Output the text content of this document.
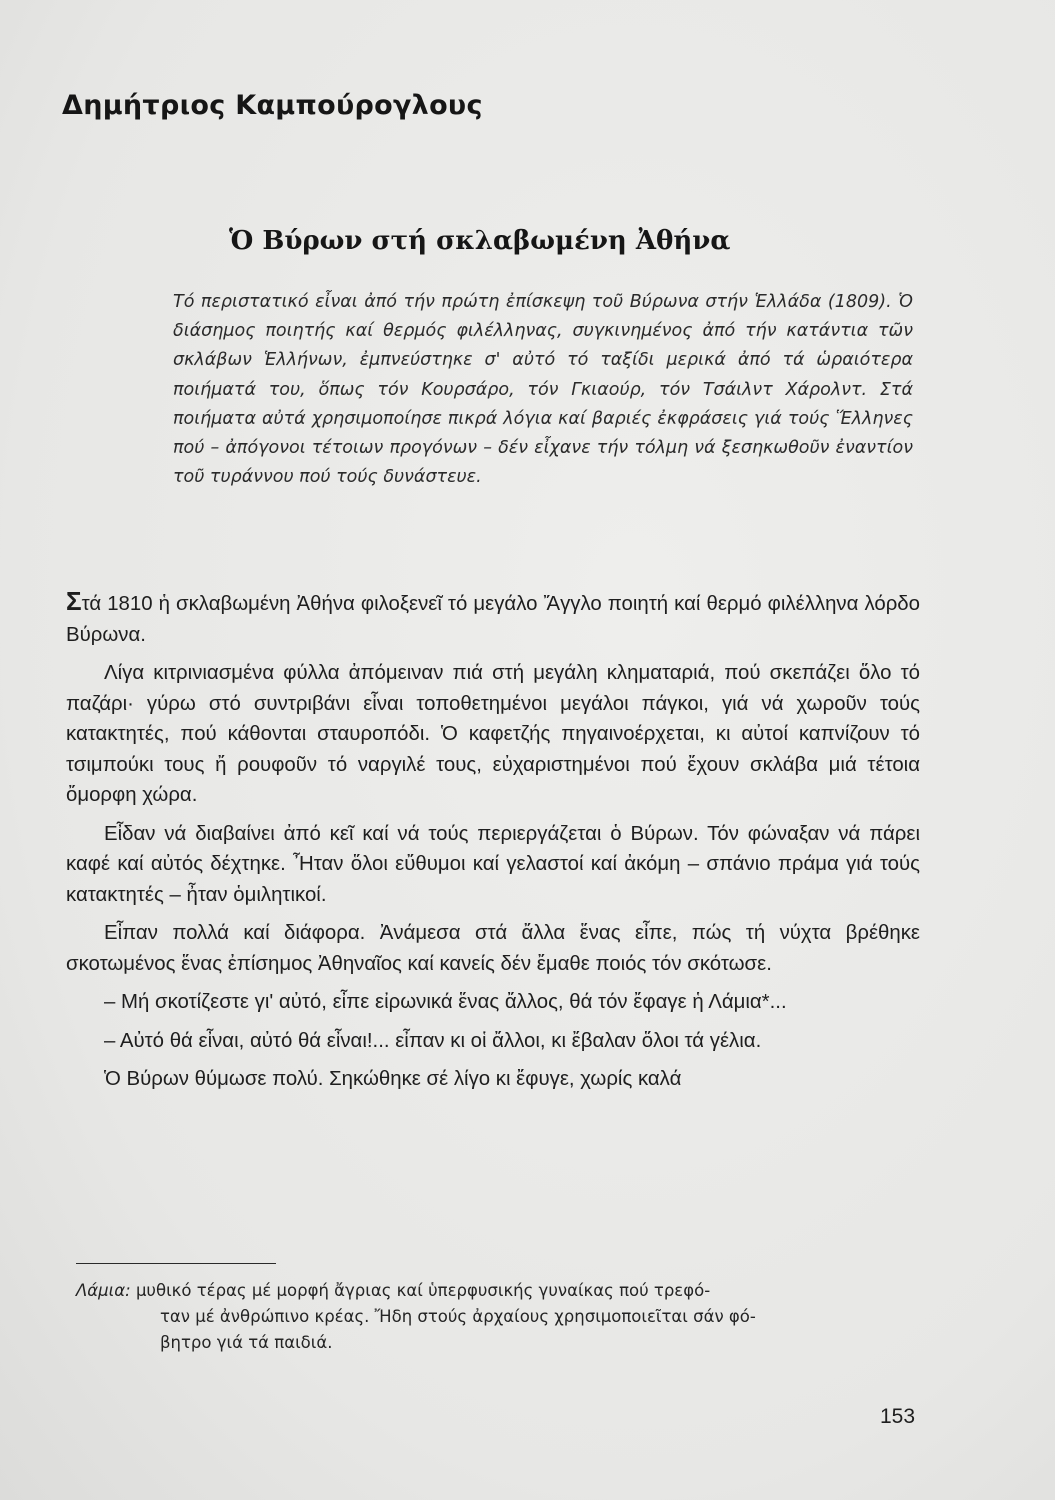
Δημήτριος Καμπούρογλους
Ὁ Βύρων στή σκλαβωμένη Ἀθήνα
Τό περιστατικό εἶναι ἀπό τήν πρώτη ἐπίσκεψη τοῦ Βύρωνα στήν Ἑλλάδα (1809). Ὁ διάσημος ποιητής καί θερμός φιλέλληνας, συγκινημένος ἀπό τήν κατάντια τῶν σκλάβων Ἑλλήνων, ἐμπνεύστηκε σ' αὐτό τό ταξίδι μερικά ἀπό τά ὡραιότερα ποιήματά του, ὅπως τόν Κουρσάρο, τόν Γκιαούρ, τόν Τσάιλντ Χάρολντ. Στά ποιήματα αὐτά χρησιμοποίησε πικρά λόγια καί βαριές ἐκφράσεις γιά τούς Ἕλληνες πού – ἀπόγονοι τέτοιων προγόνων – δέν εἶχανε τήν τόλμη νά ξεσηκωθοῦν ἐναντίον τοῦ τυράννου πού τούς δυνάστευε.

Στά 1810 ἡ σκλαβωμένη Ἀθήνα φιλοξενεῖ τό μεγάλο Ἄγγλο ποιητή καί θερμό φιλέλληνα λόρδο Βύρωνα.

Λίγα κιτρινιασμένα φύλλα ἀπόμειναν πιά στή μεγάλη κληματαριά, πού σκεπάζει ὅλο τό παζάρι· γύρω στό συντριβάνι εἶναι τοποθετημένοι μεγάλοι πάγκοι, γιά νά χωροῦν τούς κατακτητές, πού κάθονται σταυροπόδι. Ὁ καφετζής πηγαινοέρχεται, κι αὐτοί καπνίζουν τό τσιμπούκι τους ἤ ρουφοῦν τό ναργιλέ τους, εὐχαριστημένοι πού ἔχουν σκλάβα μιά τέτοια ὄμορφη χώρα.

Εἶδαν νά διαβαίνει ἀπό κεῖ καί νά τούς περιεργάζεται ὁ Βύρων. Τόν φώναξαν νά πάρει καφέ καί αὐτός δέχτηκε. Ἦταν ὅλοι εὔθυμοι καί γελαστοί καί ἀκόμη – σπάνιο πράμα γιά τούς κατακτητές – ἦταν ὁμιλητικοί.

Εἶπαν πολλά καί διάφορα. Ἀνάμεσα στά ἄλλα ἕνας εἶπε, πώς τή νύχτα βρέθηκε σκοτωμένος ἕνας ἐπίσημος Ἀθηναῖος καί κανείς δέν ἔμαθε ποιός τόν σκότωσε.

– Μή σκοτίζεστε γι' αὐτό, εἶπε εἰρωνικά ἕνας ἄλλος, θά τόν ἔφαγε ἡ Λάμια*...

– Αὐτό θά εἶναι, αὐτό θά εἶναι!... εἶπαν κι οἱ ἄλλοι, κι ἔβαλαν ὅλοι τά γέλια.

Ὁ Βύρων θύμωσε πολύ. Σηκώθηκε σέ λίγο κι ἔφυγε, χωρίς καλά

Λάμια: μυθικό τέρας μέ μορφή ἄγριας καί ὑπερφυσικής γυναίκας πού τρεφό-
ταν μέ ἀνθρώπινο κρέας. Ἤδη στούς ἀρχαίους χρησιμοποιεῖται σάν φό-
βητρο γιά τά παιδιά.
153
